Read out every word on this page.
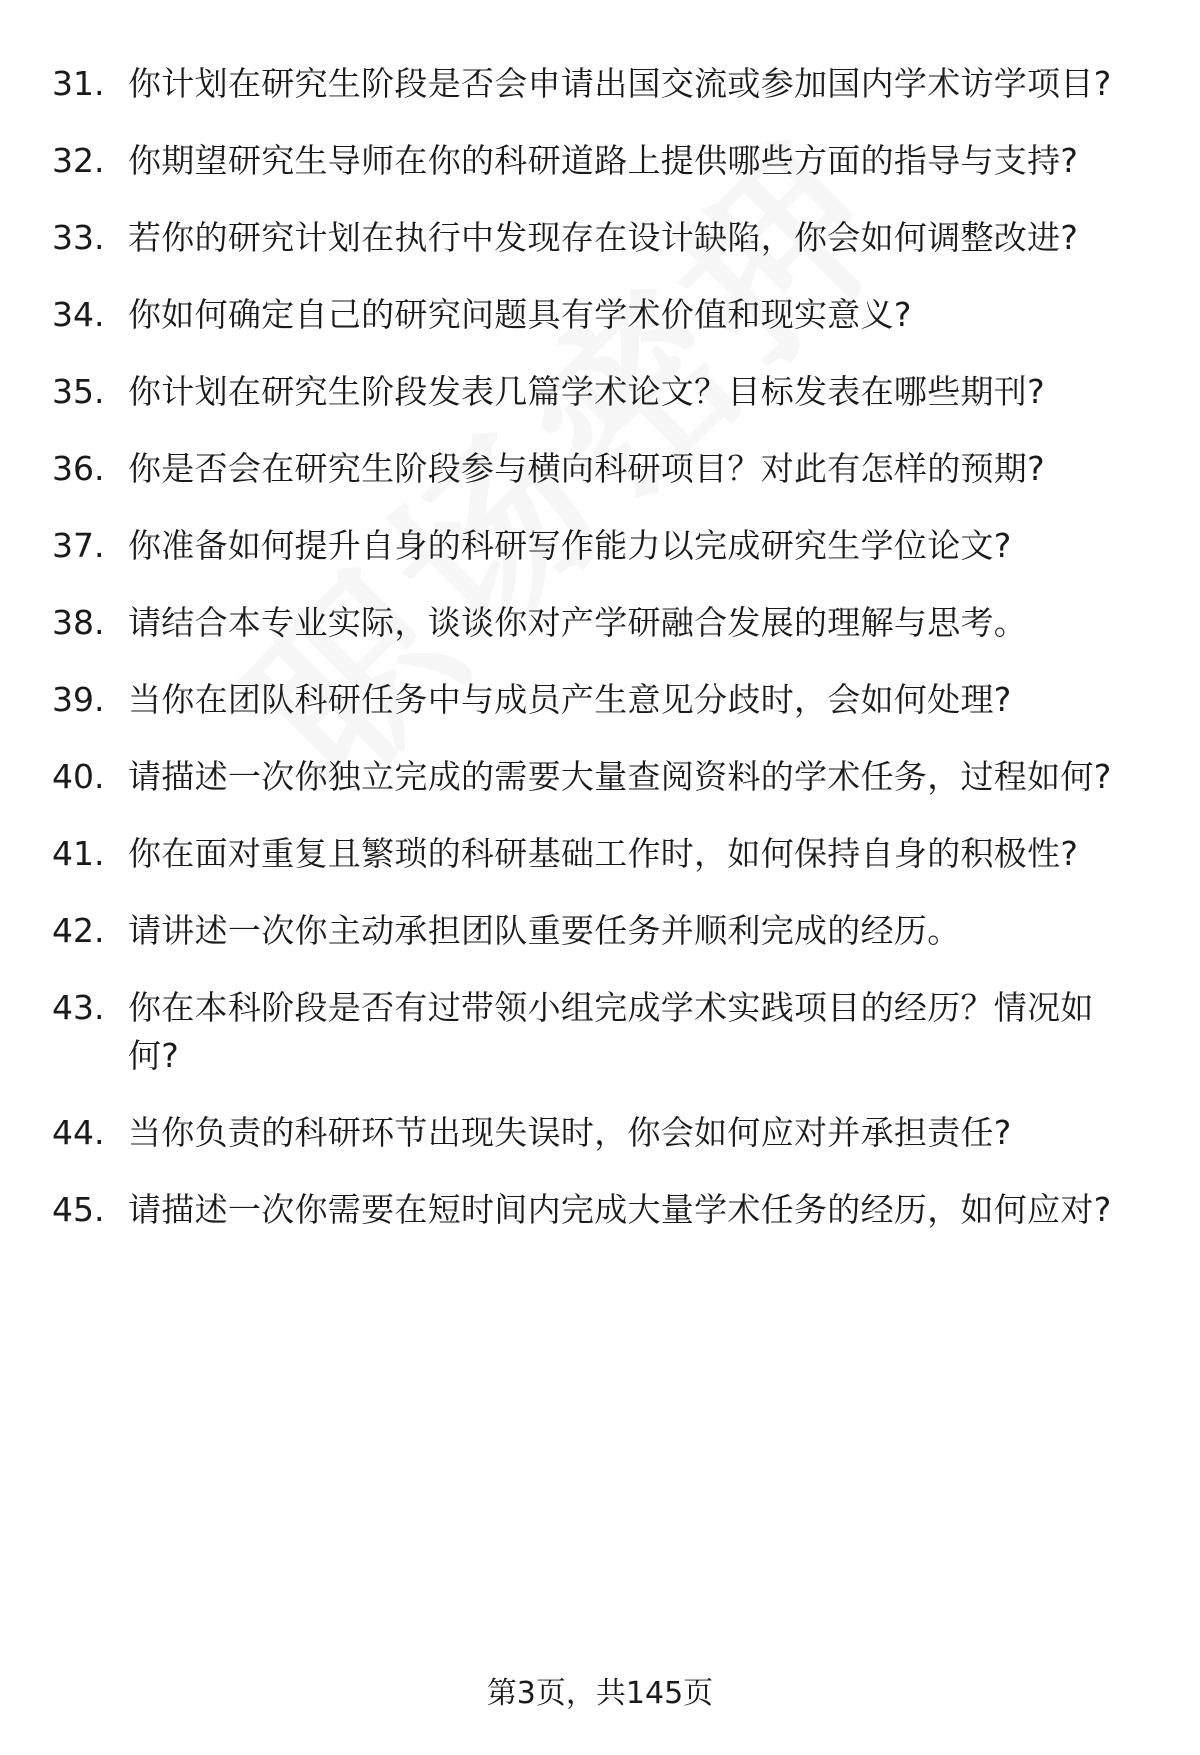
31. 你计划在研究生阶段是否会申请出国交流或参加国内学术访学项目?
32. 你期望研究生导师在你的科研道路上提供哪些方面的指导与支持?
33. 若你的研究计划在执行中发现存在设计缺陷，你会如何调整改进?
34. 你如何确定自己的研究问题具有学术价值和现实意义?
35. 你计划在研究生阶段发表几篇学术论文？目标发表在哪些期刊?
36. 你是否会在研究生阶段参与横向科研项目？对此有怎样的预期?
37. 你准备如何提升自身的科研写作能力以完成研究生学位论文?
38. 请结合本专业实际，谈谈你对产学研融合发展的理解与思考。
39. 当你在团队科研任务中与成员产生意见分歧时，会如何处理?
40. 请描述一次你独立完成的需要大量查阅资料的学术任务，过程如何?
41. 你在面对重复且繁琐的科研基础工作时，如何保持自身的积极性?
42. 请讲述一次你主动承担团队重要任务并顺利完成的经历。
43. 你在本科阶段是否有过带领小组完成学术实践项目的经历？情况如何?
44. 当你负责的科研环节出现失误时，你会如何应对并承担责任?
45. 请描述一次你需要在短时间内完成大量学术任务的经历，如何应对?
第3页，共145页
